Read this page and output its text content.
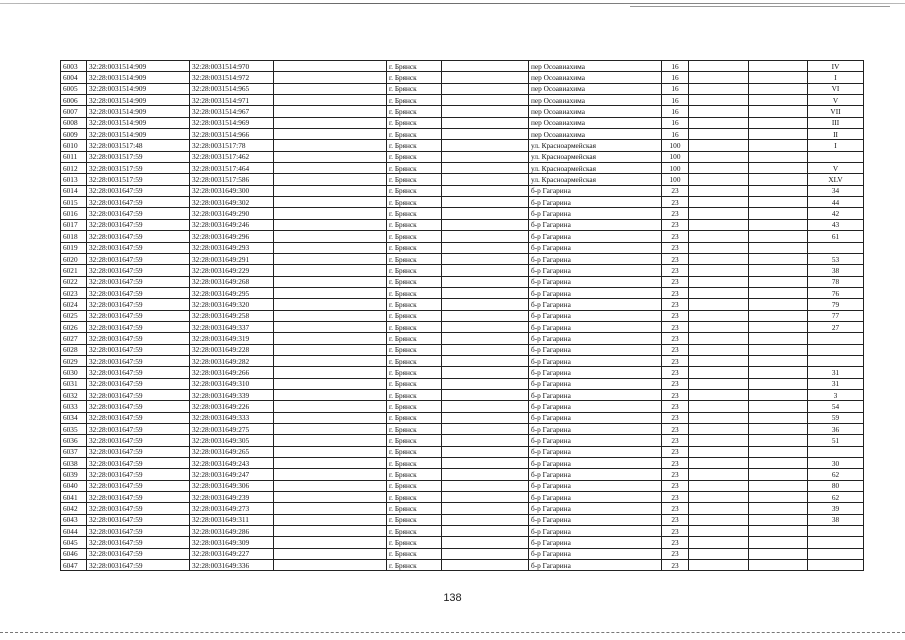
6003	32:28:0031514:909	32:28:0031514:970		г. Брянск		пер Осоавиахима	16			IV
6004	32:28:0031514:909	32:28:0031514:972		г. Брянск		пер Осоавиахима	16			I
6005	32:28:0031514:909	32:28:0031514:965		г. Брянск		пер Осоавиахима	16			VI
6006	32:28:0031514:909	32:28:0031514:971		г. Брянск		пер Осоавиахима	16			V
6007	32:28:0031514:909	32:28:0031514:967		г. Брянск		пер Осоавиахима	16			VII
6008	32:28:0031514:909	32:28:0031514:969		г. Брянск		пер Осоавиахима	16			III
6009	32:28:0031514:909	32:28:0031514:966		г. Брянск		пер Осоавиахима	16			II
6010	32:28:0031517:48	32:28:0031517:78		г. Брянск		ул. Красноармейская	100			I
6011	32:28:0031517:59	32:28:0031517:462		г. Брянск		ул. Красноармейская	100			
6012	32:28:0031517:59	32:28:0031517:464		г. Брянск		ул. Красноармейская	100			V
6013	32:28:0031517:59	32:28:0031517:586		г. Брянск		ул. Красноармейская	100			XLV
6014	32:28:0031647:59	32:28:0031649:300		г. Брянск		б-р Гагарина	23			34
6015	32:28:0031647:59	32:28:0031649:302		г. Брянск		б-р Гагарина	23			44
6016	32:28:0031647:59	32:28:0031649:290		г. Брянск		б-р Гагарина	23			42
6017	32:28:0031647:59	32:28:0031649:246		г. Брянск		б-р Гагарина	23			43
6018	32:28:0031647:59	32:28:0031649:296		г. Брянск		б-р Гагарина	23			61
6019	32:28:0031647:59	32:28:0031649:293		г. Брянск		б-р Гагарина	23			
6020	32:28:0031647:59	32:28:0031649:291		г. Брянск		б-р Гагарина	23			53
6021	32:28:0031647:59	32:28:0031649:229		г. Брянск		б-р Гагарина	23			38
6022	32:28:0031647:59	32:28:0031649:268		г. Брянск		б-р Гагарина	23			78
6023	32:28:0031647:59	32:28:0031649:295		г. Брянск		б-р Гагарина	23			76
6024	32:28:0031647:59	32:28:0031649:320		г. Брянск		б-р Гагарина	23			79
6025	32:28:0031647:59	32:28:0031649:258		г. Брянск		б-р Гагарина	23			77
6026	32:28:0031647:59	32:28:0031649:337		г. Брянск		б-р Гагарина	23			27
6027	32:28:0031647:59	32:28:0031649:319		г. Брянск		б-р Гагарина	23			
6028	32:28:0031647:59	32:28:0031649:228		г. Брянск		б-р Гагарина	23			
6029	32:28:0031647:59	32:28:0031649:282		г. Брянск		б-р Гагарина	23			
6030	32:28:0031647:59	32:28:0031649:266		г. Брянск		б-р Гагарина	23			31
6031	32:28:0031647:59	32:28:0031649:310		г. Брянск		б-р Гагарина	23			31
6032	32:28:0031647:59	32:28:0031649:339		г. Брянск		б-р Гагарина	23			3
6033	32:28:0031647:59	32:28:0031649:226		г. Брянск		б-р Гагарина	23			54
6034	32:28:0031647:59	32:28:0031649:333		г. Брянск		б-р Гагарина	23			59
6035	32:28:0031647:59	32:28:0031649:275		г. Брянск		б-р Гагарина	23			36
6036	32:28:0031647:59	32:28:0031649:305		г. Брянск		б-р Гагарина	23			51
6037	32:28:0031647:59	32:28:0031649:265		г. Брянск		б-р Гагарина	23			
6038	32:28:0031647:59	32:28:0031649:243		г. Брянск		б-р Гагарина	23			30
6039	32:28:0031647:59	32:28:0031649:247		г. Брянск		б-р Гагарина	23			62
6040	32:28:0031647:59	32:28:0031649:306		г. Брянск		б-р Гагарина	23			80
6041	32:28:0031647:59	32:28:0031649:239		г. Брянск		б-р Гагарина	23			62
6042	32:28:0031647:59	32:28:0031649:273		г. Брянск		б-р Гагарина	23			39
6043	32:28:0031647:59	32:28:0031649:311		г. Брянск		б-р Гагарина	23			38
6044	32:28:0031647:59	32:28:0031649:286		г. Брянск		б-р Гагарина	23			
6045	32:28:0031647:59	32:28:0031649:309		г. Брянск		б-р Гагарина	23			
6046	32:28:0031647:59	32:28:0031649:227		г. Брянск		б-р Гагарина	23			
6047	32:28:0031647:59	32:28:0031649:336		г. Брянск		б-р Гагарина	23			
138
